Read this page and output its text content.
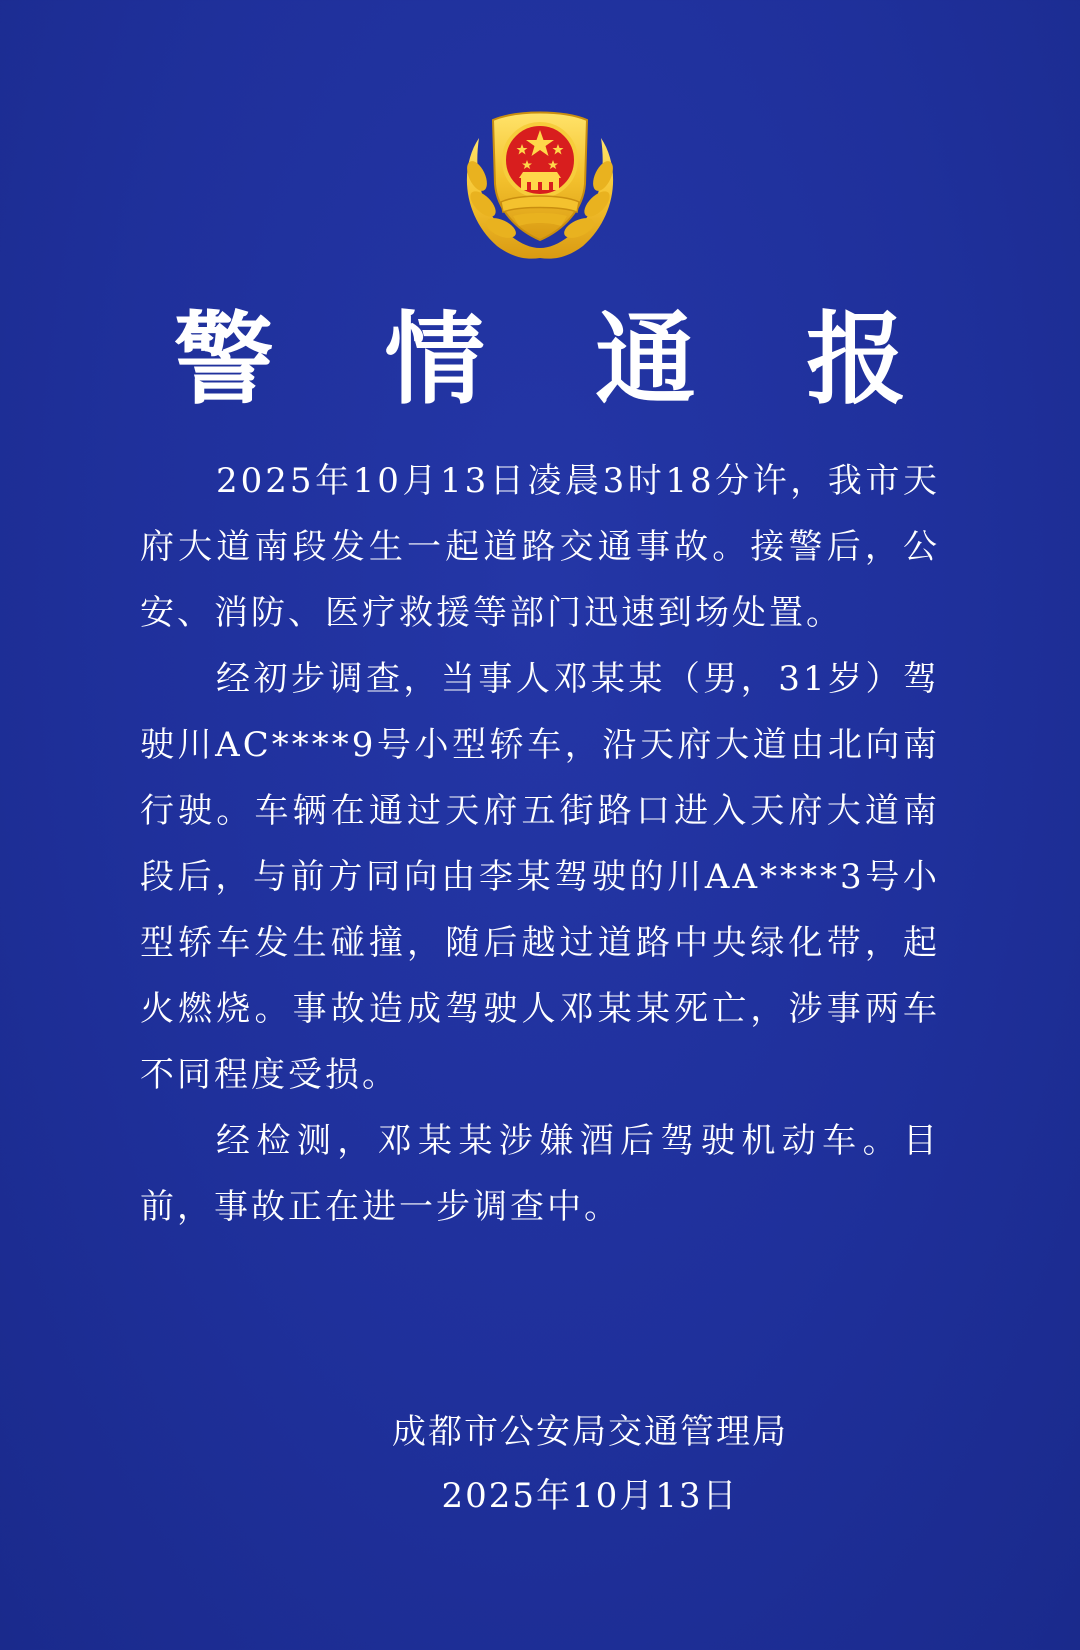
警 情 通 报

2025年10月13日凌晨3时18分许，我市天府大道南段发生一起道路交通事故。接警后，公安、消防、医疗救援等部门迅速到场处置。

经初步调查，当事人邓某某（男，31岁）驾驶川AC****9号小型轿车，沿天府大道由北向南行驶。车辆在通过天府五街路口进入天府大道南段后，与前方同向由李某驾驶的川AA****3号小型轿车发生碰撞，随后越过道路中央绿化带，起火燃烧。事故造成驾驶人邓某某死亡，涉事两车不同程度受损。

经检测，邓某某涉嫌酒后驾驶机动车。目前，事故正在进一步调查中。

成都市公安局交通管理局
2025年10月13日
